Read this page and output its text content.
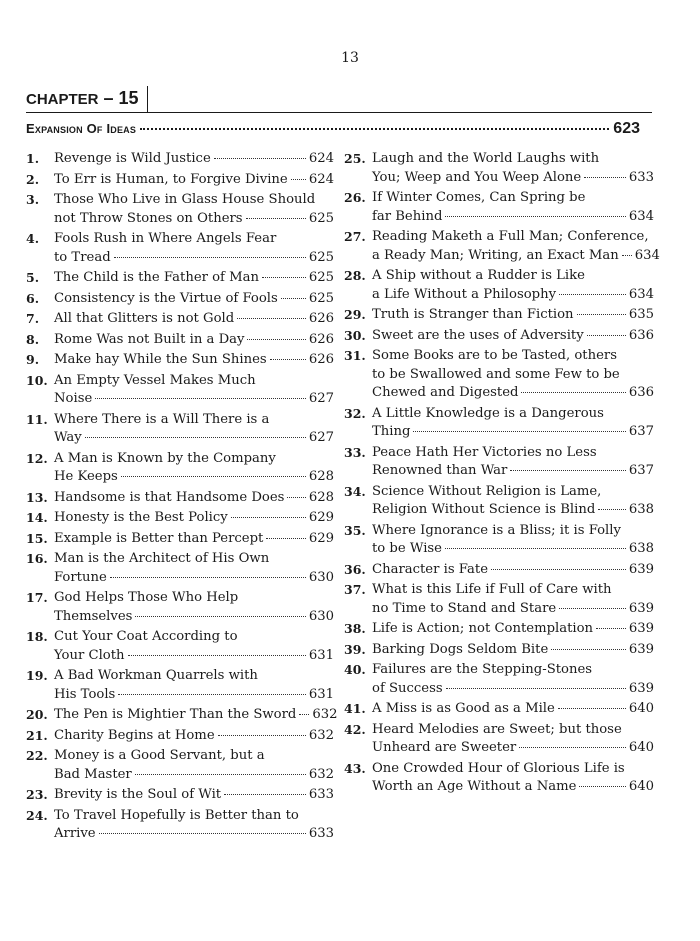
13
CHAPTER – 15
Expansion Of Ideas	623
1. Revenge is Wild Justice	624
2. To Err is Human, to Forgive Divine 624
3. Those Who Live in Glass House Should
not Throw Stones on Others	625
4. Fools Rush in Where Angels Fear
to Tread	625
5. The Child is the Father of Man	625
6. Consistency is the Virtue of Fools 625
7. All that Glitters is not Gold	626
8. Rome Was not Built in a Day	626
9. Make hay While the Sun Shines	626
10. An Empty Vessel Makes Much
Noise	627
11. Where There is a Will There is a
Way	627
12. A Man is Known by the Company
He Keeps	628
13. Handsome is that Handsome Does 628
14. Honesty is the Best Policy	629
15. Example is Better than Percept	629
16. Man is the Architect of His Own
Fortune	630
17. God Helps Those Who Help
Themselves	630
18. Cut Your Coat According to
Your Cloth	631
19. A Bad Workman Quarrels with
His Tools	631
20. The Pen is Mightier Than the Sword 632
21. Charity Begins at Home	632
22. Money is a Good Servant, but a
Bad Master	632
23. Brevity is the Soul of Wit	633
24. To Travel Hopefully is Better than to
Arrive	633
25. Laugh and the World Laughs with
You; Weep and You Weep Alone	633
26. If Winter Comes, Can Spring be
far Behind	634
27. Reading Maketh a Full Man; Conference,
a Ready Man; Writing, an Exact Man 634
28. A Ship without a Rudder is Like
a Life Without a Philosophy	634
29. Truth is Stranger than Fiction	635
30. Sweet are the uses of Adversity	636
31. Some Books are to be Tasted, others
to be Swallowed and some Few to be
Chewed and Digested	636
32. A Little Knowledge is a Dangerous
Thing	637
33. Peace Hath Her Victories no Less
Renowned than War	637
34. Science Without Religion is Lame,
Religion Without Science is Blind	638
35. Where Ignorance is a Bliss; it is Folly
to be Wise	638
36. Character is Fate	639
37. What is this Life if Full of Care with
no Time to Stand and Stare	639
38. Life is Action; not Contemplation	639
39. Barking Dogs Seldom Bite	639
40. Failures are the Stepping-Stones
of Success	639
41. A Miss is as Good as a Mile	640
42. Heard Melodies are Sweet; but those
Unheard are Sweeter	640
43. One Crowded Hour of Glorious Life is
Worth an Age Without a Name	640
